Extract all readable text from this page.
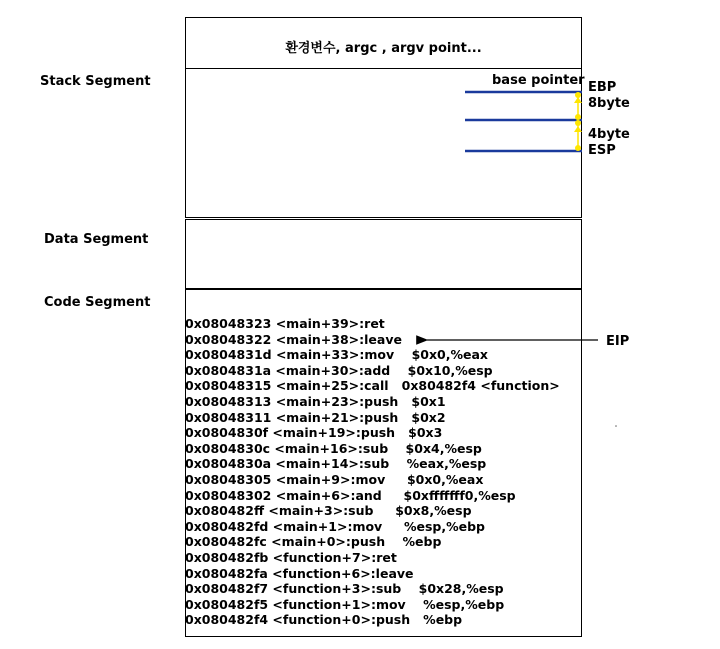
Stack Segment
Data Segment
Code Segment
환경변수, argc , argv point...
base pointer EBP
8byte
4byte
ESP
EIP
0x08048323 <main+39>:ret
0x08048322 <main+38>:leave
0x0804831d <main+33>:mov    $0x0,%eax
0x0804831a <main+30>:add    $0x10,%esp
0x08048315 <main+25>:call   0x80482f4 <function>
0x08048313 <main+23>:push   $0x1
0x08048311 <main+21>:push   $0x2
0x0804830f <main+19>:push   $0x3
0x0804830c <main+16>:sub    $0x4,%esp
0x0804830a <main+14>:sub    %eax,%esp
0x08048305 <main+9>:mov     $0x0,%eax
0x08048302 <main+6>:and     $0xfffffff0,%esp
0x080482ff <main+3>:sub     $0x8,%esp
0x080482fd <main+1>:mov     %esp,%ebp
0x080482fc <main+0>:push    %ebp
0x080482fb <function+7>:ret
0x080482fa <function+6>:leave
0x080482f7 <function+3>:sub    $0x28,%esp
0x080482f5 <function+1>:mov    %esp,%ebp
0x080482f4 <function+0>:push   %ebp
